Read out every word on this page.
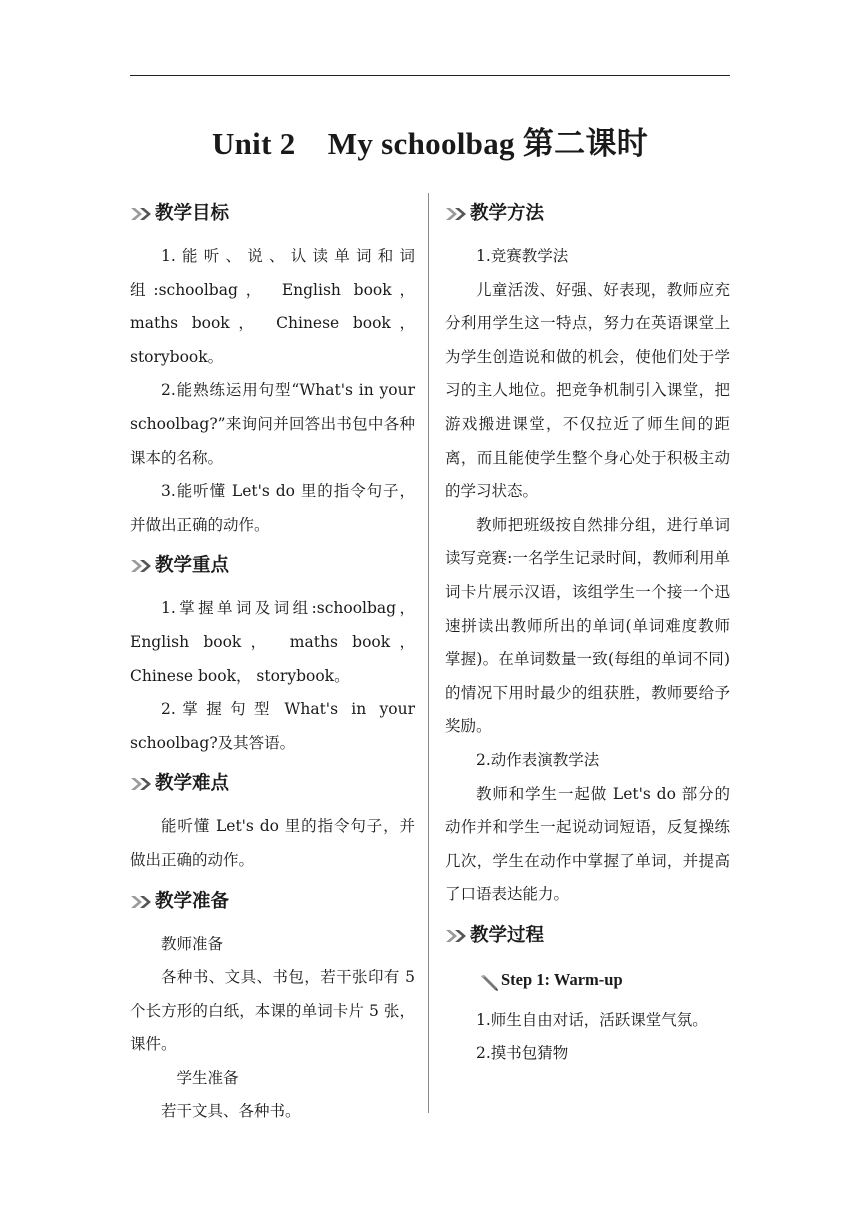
Unit 2    My schoolbag 第二课时
教学目标

1.能听、说、认读单词和词组:schoolbag， English book， maths book， Chinese book， storybook。

2.能熟练运用句型“What's in your schoolbag?”来询问并回答出书包中各种课本的名称。

3.能听懂 Let's do 里的指令句子，并做出正确的动作。

教学重点

1.掌握单词及词组:schoolbag， English book， maths book， Chinese book， storybook。

2. 掌 握 句 型  What's  in  your schoolbag?及其答语。

教学难点

能听懂 Let's do 里的指令句子，并做出正确的动作。

教学准备

教师准备

各种书、文具、书包，若干张印有 5 个长方形的白纸，本课的单词卡片 5 张，课件。

学生准备

若干文具、各种书。

教学方法

1.竞赛教学法

儿童活泼、好强、好表现，教师应充分利用学生这一特点，努力在英语课堂上为学生创造说和做的机会，使他们处于学习的主人地位。把竞争机制引入课堂，把游戏搬进课堂，不仅拉近了师生间的距离，而且能使学生整个身心处于积极主动的学习状态。

教师把班级按自然排分组，进行单词读写竞赛:一名学生记录时间，教师利用单词卡片展示汉语，该组学生一个接一个迅速拼读出教师所出的单词(单词难度教师掌握)。在单词数量一致(每组的单词不同)的情况下用时最少的组获胜，教师要给予奖励。

2.动作表演教学法

教师和学生一起做 Let's do 部分的动作并和学生一起说动词短语，反复操练几次，学生在动作中掌握了单词，并提高了口语表达能力。

教学过程
Step 1: Warm-up

1.师生自由对话，活跃课堂气氛。

2.摸书包猜物
